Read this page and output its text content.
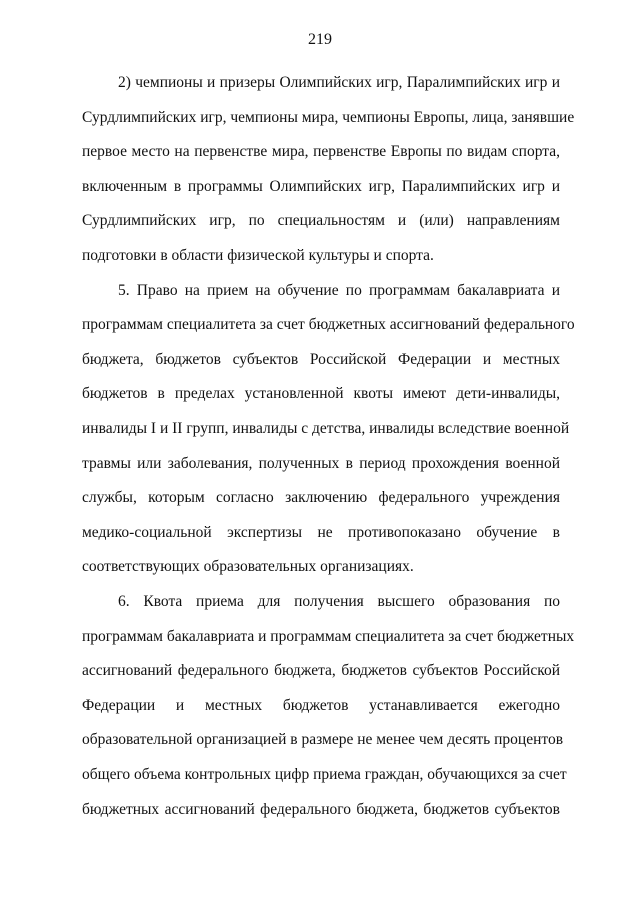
219
2) чемпионы и призеры Олимпийских игр, Паралимпийских игр и
Сурдлимпийских игр, чемпионы мира, чемпионы Европы, лица, занявшие
первое место на первенстве мира, первенстве Европы по видам спорта,
включенным в программы Олимпийских игр, Паралимпийских игр и
Сурдлимпийских игр, по специальностям и (или) направлениям
подготовки в области физической культуры и спорта.
5. Право на прием на обучение по программам бакалавриата и
программам специалитета за счет бюджетных ассигнований федерального
бюджета, бюджетов субъектов Российской Федерации и местных
бюджетов в пределах установленной квоты имеют дети-инвалиды,
инвалиды I и II групп, инвалиды с детства, инвалиды вследствие военной
травмы или заболевания, полученных в период прохождения военной
службы, которым согласно заключению федерального учреждения
медико-социальной экспертизы не противопоказано обучение в
соответствующих образовательных организациях.
6. Квота приема для получения высшего образования по
программам бакалавриата и программам специалитета за счет бюджетных
ассигнований федерального бюджета, бюджетов субъектов Российской
Федерации и местных бюджетов устанавливается ежегодно
образовательной организацией в размере не менее чем десять процентов
общего объема контрольных цифр приема граждан, обучающихся за счет
бюджетных ассигнований федерального бюджета, бюджетов субъектов
